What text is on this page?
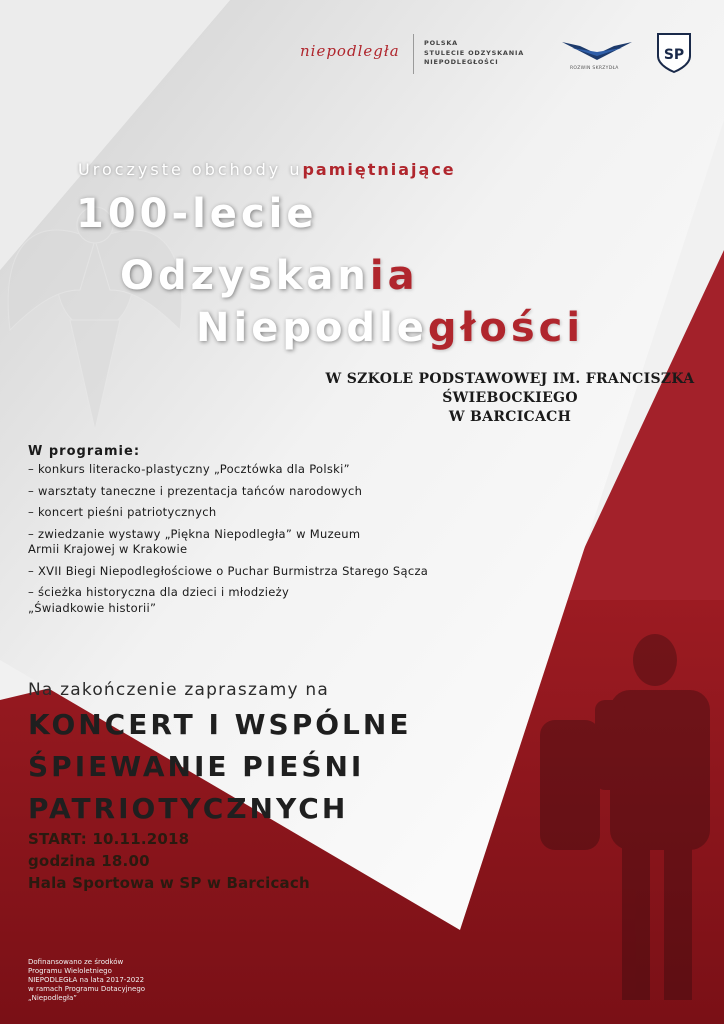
niepodległa	POLSKA
STULECIE ODZYSKANIA
NIEPODLEGŁOŚCI
ROZWIN SKRZYDŁA
SP
Uroczyste obchody upamiętniające
100-lecie
Odzyskania
Niepodległości
W SZKOLE PODSTAWOWEJ IM. FRANCISZKA ŚWIEBOCKIEGO
W BARCICACH
W programie:
– konkurs literacko-plastyczny „Pocztówka dla Polski”
– warsztaty taneczne i prezentacja tańców narodowych
– koncert pieśni patriotycznych
– zwiedzanie wystawy „Piękna Niepodległa” w Muzeum
Armii Krajowej w Krakowie
– XVII Biegi Niepodległościowe o Puchar Burmistrza Starego Sącza
– ścieżka historyczna dla dzieci i młodzieży
„Świadkowie historii”
Na zakończenie zapraszamy na
KONCERT I WSPÓLNE
ŚPIEWANIE PIEŚNI
PATRIOTYCZNYCH
START: 10.11.2018
godzina 18.00
Hala Sportowa w SP w Barcicach
Dofinansowano ze środków
Programu Wieloletniego
NIEPODLEGŁA na lata 2017-2022
w ramach Programu Dotacyjnego
„Niepodległa”
